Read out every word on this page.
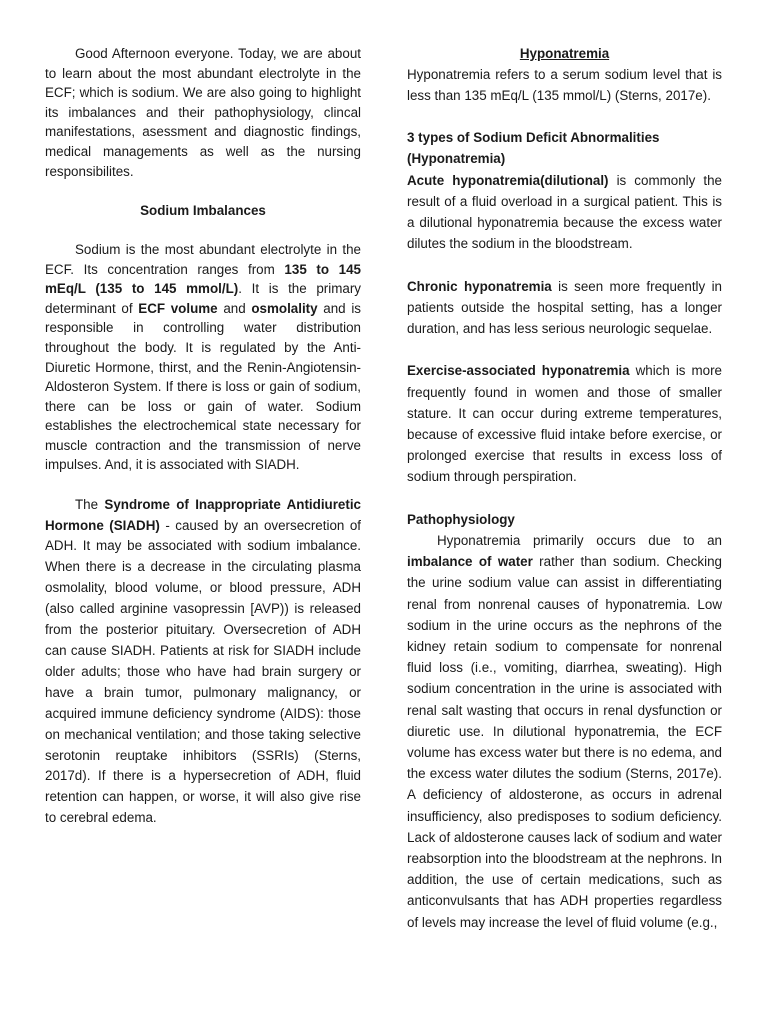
Good Afternoon everyone. Today, we are about to learn about the most abundant electrolyte in the ECF; which is sodium. We are also going to highlight its imbalances and their pathophysiology, clincal manifestations, asessment and diagnostic findings, medical managements as well as the nursing responsibilites.

Sodium Imbalances

Sodium is the most abundant electrolyte in the ECF. Its concentration ranges from 135 to 145 mEq/L (135 to 145 mmol/L). It is the primary determinant of ECF volume and osmolality and is responsible in controlling water distribution throughout the body. It is regulated by the Anti-Diuretic Hormone, thirst, and the Renin-Angiotensin-Aldosteron System. If there is loss or gain of sodium, there can be loss or gain of water. Sodium establishes the electrochemical state necessary for muscle contraction and the transmission of nerve impulses. And, it is associated with SIADH.

The Syndrome of Inappropriate Antidiuretic Hormone (SIADH) - caused by an oversecretion of ADH. It may be associated with sodium imbalance. When there is a decrease in the circulating plasma osmolality, blood volume, or blood pressure, ADH (also called arginine vasopressin [AVP)) is released from the posterior pituitary. Oversecretion of ADH can cause SIADH. Patients at risk for SIADH include older adults; those who have had brain surgery or have a brain tumor, pulmonary malignancy, or acquired immune deficiency syndrome (AIDS): those on mechanical ventilation; and those taking selective serotonin reuptake inhibitors (SSRIs) (Sterns, 2017d). If there is a hypersecretion of ADH, fluid retention can happen, or worse, it will also give rise to cerebral edema.

Hyponatremia

Hyponatremia refers to a serum sodium level that is less than 135 mEq/L (135 mmol/L) (Sterns, 2017e).

3 types of Sodium Deficit Abnormalities (Hyponatremia)

Acute hyponatremia(dilutional) is commonly the result of a fluid overload in a surgical patient. This is a dilutional hyponatremia because the excess water dilutes the sodium in the bloodstream.

Chronic hyponatremia is seen more frequently in patients outside the hospital setting, has a longer duration, and has less serious neurologic sequelae.

Exercise-associated hyponatremia which is more frequently found in women and those of smaller stature. It can occur during extreme temperatures, because of excessive fluid intake before exercise, or prolonged exercise that results in excess loss of sodium through perspiration.

Pathophysiology

Hyponatremia primarily occurs due to an imbalance of water rather than sodium. Checking the urine sodium value can assist in differentiating renal from nonrenal causes of hyponatremia. Low sodium in the urine occurs as the nephrons of the kidney retain sodium to compensate for nonrenal fluid loss (i.e., vomiting, diarrhea, sweating). High sodium concentration in the urine is associated with renal salt wasting that occurs in renal dysfunction or diuretic use. In dilutional hyponatremia, the ECF volume has excess water but there is no edema, and the excess water dilutes the sodium (Sterns, 2017e). A deficiency of aldosterone, as occurs in adrenal insufficiency, also predisposes to sodium deficiency. Lack of aldosterone causes lack of sodium and water reabsorption into the bloodstream at the nephrons. In addition, the use of certain medications, such as anticonvulsants that has ADH properties regardless of levels may increase the level of fluid volume (e.g.,
